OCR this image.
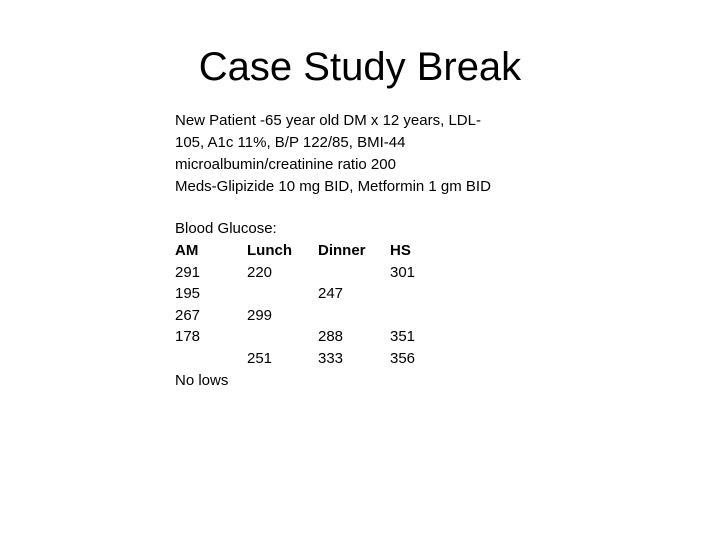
Case Study Break
New Patient -65 year old DM x 12 years, LDL-
105, A1c 11%, B/P 122/85, BMI-44
microalbumin/creatinine ratio 200
Meds-Glipizide 10 mg BID, Metformin 1 gm BID
Blood Glucose:
AM	Lunch	Dinner	HS
291	220		301
195		247	
267	299		
178		288	351
	251	333	356
No lows
